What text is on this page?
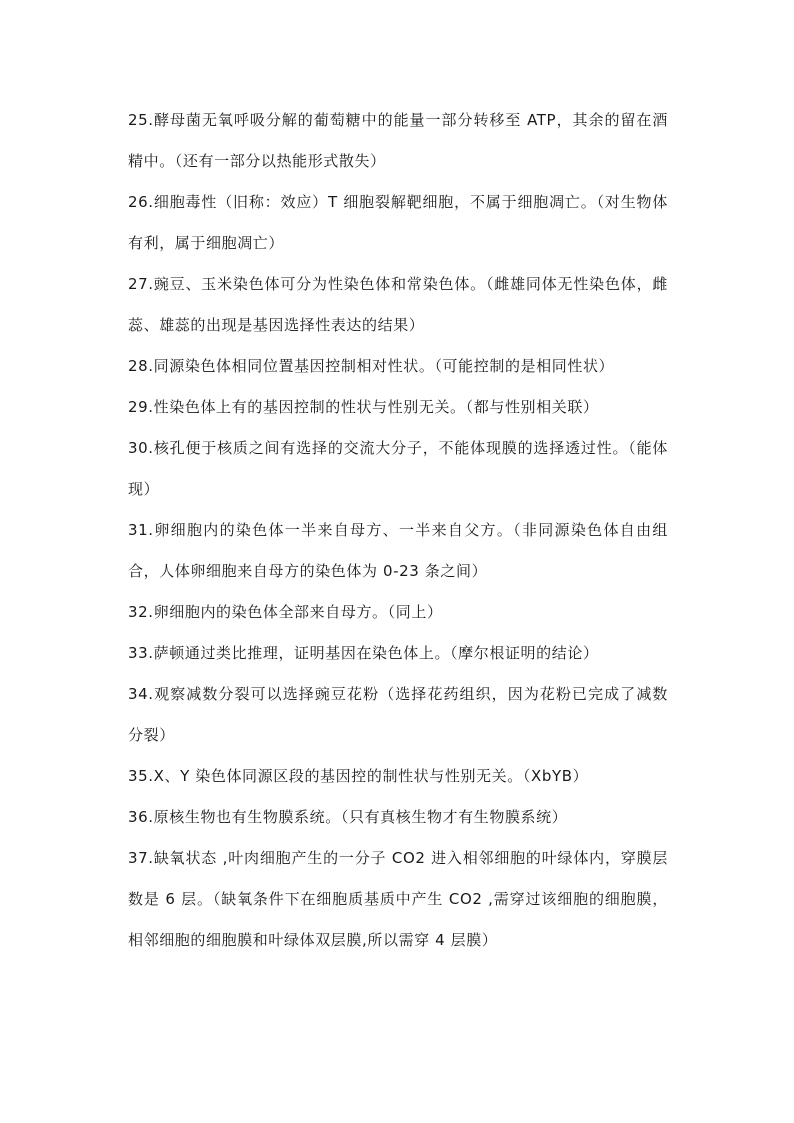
25.酵母菌无氧呼吸分解的葡萄糖中的能量一部分转移至 ATP，其余的留在酒精中。（还有一部分以热能形式散失）

26.细胞毒性（旧称：效应）T 细胞裂解靶细胞，不属于细胞凋亡。（对生物体有利，属于细胞凋亡）

27.豌豆、玉米染色体可分为性染色体和常染色体。（雌雄同体无性染色体，雌蕊、雄蕊的出现是基因选择性表达的结果）

28.同源染色体相同位置基因控制相对性状。（可能控制的是相同性状）

29.性染色体上有的基因控制的性状与性别无关。（都与性别相关联）

30.核孔便于核质之间有选择的交流大分子，不能体现膜的选择透过性。（能体现）

31.卵细胞内的染色体一半来自母方、一半来自父方。（非同源染色体自由组合，人体卵细胞来自母方的染色体为 0-23 条之间）

32.卵细胞内的染色体全部来自母方。（同上）

33.萨顿通过类比推理，证明基因在染色体上。（摩尔根证明的结论）

34.观察减数分裂可以选择豌豆花粉（选择花药组织，因为花粉已完成了减数分裂）

35.X、Y 染色体同源区段的基因控的制性状与性别无关。（XbYB）

36.原核生物也有生物膜系统。（只有真核生物才有生物膜系统）

37.缺氧状态 ,叶肉细胞产生的一分子 CO2 进入相邻细胞的叶绿体内，穿膜层数是 6 层。（缺氧条件下在细胞质基质中产生 CO2 ,需穿过该细胞的细胞膜，相邻细胞的细胞膜和叶绿体双层膜,所以需穿 4 层膜）
